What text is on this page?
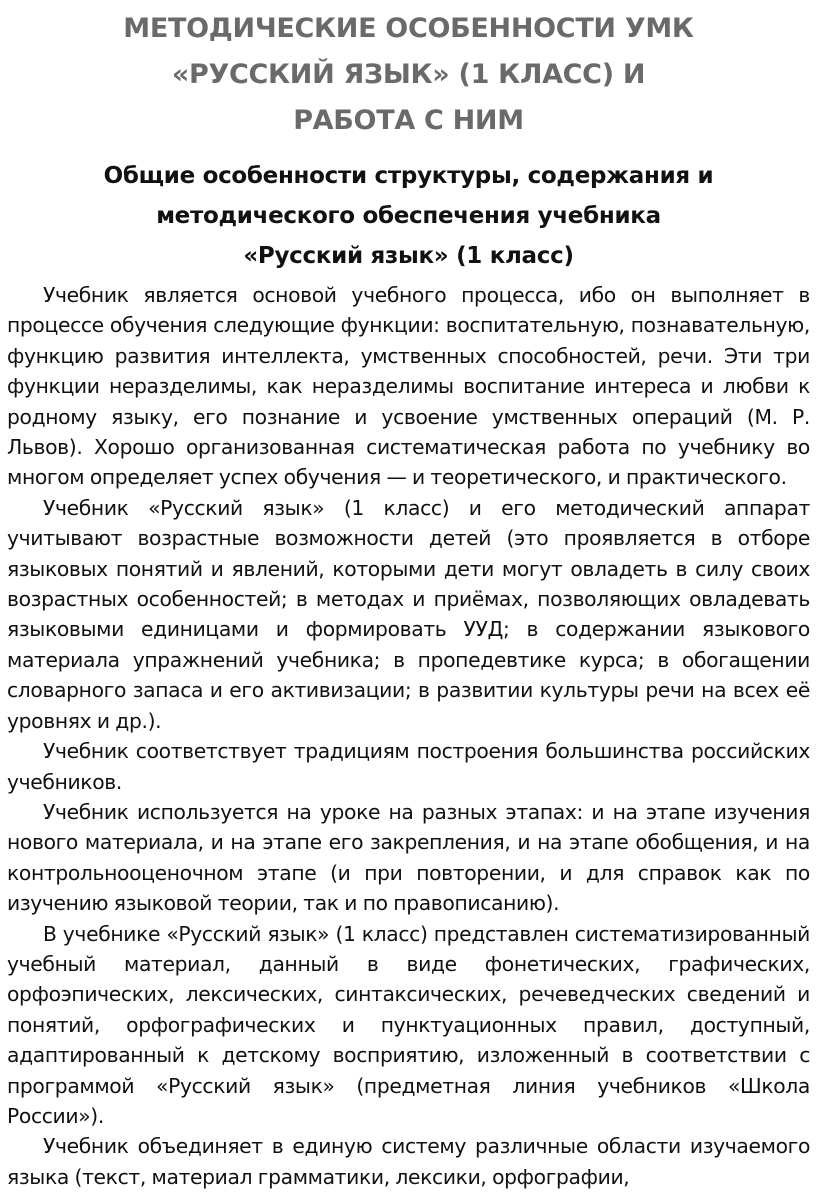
МЕТОДИЧЕСКИЕ ОСОБЕННОСТИ УМК
«РУССКИЙ ЯЗЫК» (1 КЛАСС) И
РАБОТА С НИМ
Общие особенности структуры, содержания и
методического обеспечения учебника
«Русский язык» (1 класс)

Учебник является основой учебного процесса, ибо он выполняет в процессе обучения следующие функции: воспитательную, познавательную, функцию развития интеллекта, умственных способностей, речи. Эти три функции неразделимы, как неразделимы воспитание интереса и любви к родному языку, его познание и усвоение умственных операций (М. Р. Львов). Хорошо организованная систематическая работа по учебнику во многом определяет успех обучения — и теоретического, и практического.

Учебник «Русский язык» (1 класс) и его методический аппарат учитывают возрастные возможности детей (это проявляется в отборе языковых понятий и явлений, которыми дети могут овладеть в силу своих возрастных особенностей; в методах и приёмах, позволяющих овладевать языковыми единицами и формировать УУД; в содержании языкового материала упражнений учебника; в пропедевтике курса; в обогащении словарного запаса и его активизации; в развитии культуры речи на всех её уровнях и др.).

Учебник соответствует традициям построения большинства российских учебников.

Учебник используется на уроке на разных этапах: и на этапе изучения нового материала, и на этапе его закрепления, и на этапе обобщения, и на контрольнооценочном этапе (и при повторении, и для справок как по изучению языковой теории, так и по правописанию).

В учебнике «Русский язык» (1 класс) представлен систематизированный учебный материал, данный в виде фонетических, графических, орфоэпических, лексических, синтаксических, речеведческих сведений и понятий, орфографических и пунктуационных правил, доступный, адаптированный к детскому восприятию, изложенный в соответствии с программой «Русский язык» (предметная линия учебников «Школа России»).

Учебник объединяет в единую систему различные области изучаемого языка (текст, материал грамматики, лексики, орфографии,
